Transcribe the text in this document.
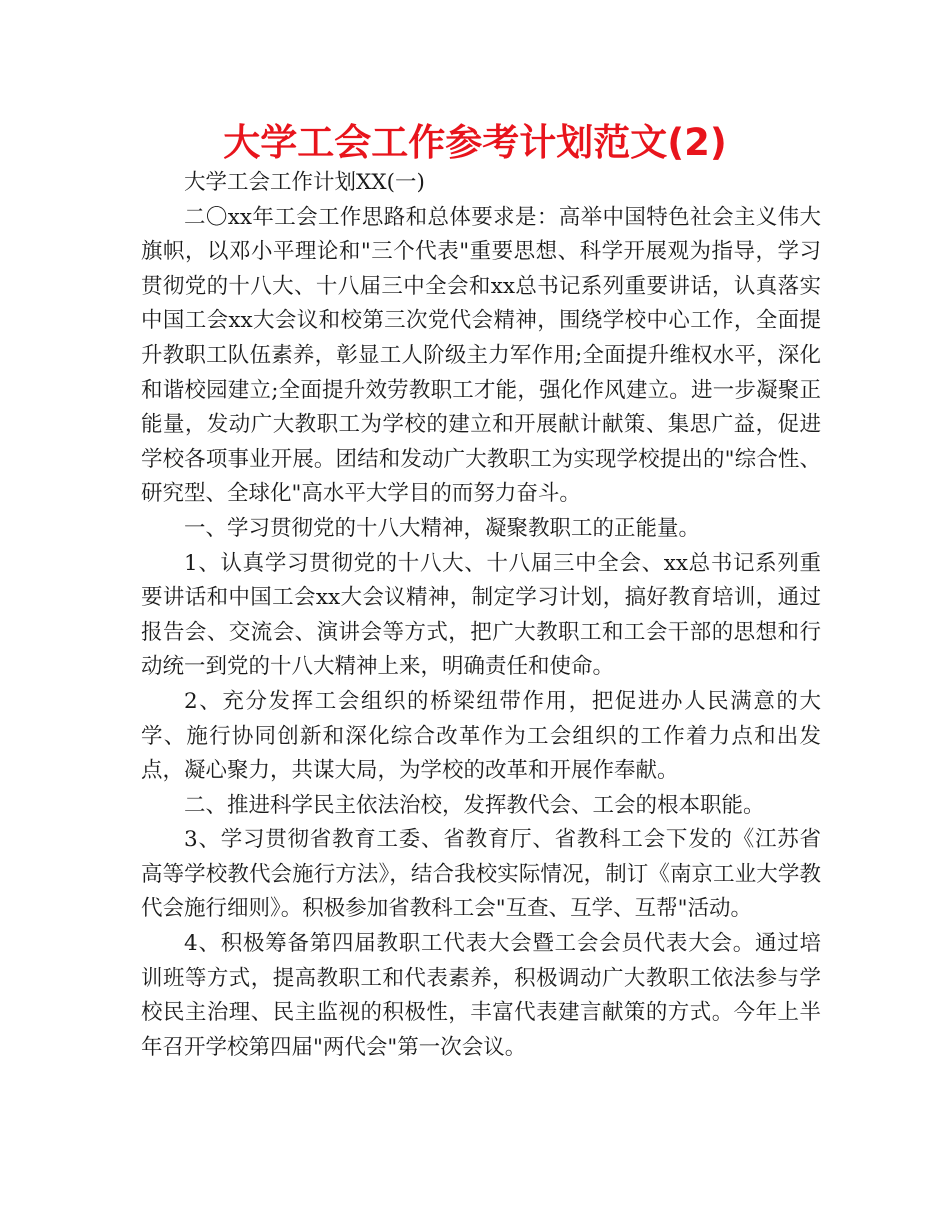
大学工会工作参考计划范文(2)

大学工会工作计划XX(一)

二〇xx年工会工作思路和总体要求是：高举中国特色社会主义伟大旗帜，以邓小平理论和"三个代表"重要思想、科学开展观为指导，学习贯彻党的十八大、十八届三中全会和xx总书记系列重要讲话，认真落实中国工会xx大会议和校第三次党代会精神，围绕学校中心工作，全面提升教职工队伍素养，彰显工人阶级主力军作用;全面提升维权水平，深化和谐校园建立;全面提升效劳教职工才能，强化作风建立。进一步凝聚正能量，发动广大教职工为学校的建立和开展献计献策、集思广益，促进学校各项事业开展。团结和发动广大教职工为实现学校提出的"综合性、研究型、全球化"高水平大学目的而努力奋斗。

一、学习贯彻党的十八大精神，凝聚教职工的正能量。

1、认真学习贯彻党的十八大、十八届三中全会、xx总书记系列重要讲话和中国工会xx大会议精神，制定学习计划，搞好教育培训，通过报告会、交流会、演讲会等方式，把广大教职工和工会干部的思想和行动统一到党的十八大精神上来，明确责任和使命。

2、充分发挥工会组织的桥梁纽带作用，把促进办人民满意的大学、施行协同创新和深化综合改革作为工会组织的工作着力点和出发点，凝心聚力，共谋大局，为学校的改革和开展作奉献。

二、推进科学民主依法治校，发挥教代会、工会的根本职能。

3、学习贯彻省教育工委、省教育厅、省教科工会下发的《江苏省高等学校教代会施行方法》，结合我校实际情况，制订《南京工业大学教代会施行细则》。积极参加省教科工会"互查、互学、互帮"活动。

4、积极筹备第四届教职工代表大会暨工会会员代表大会。通过培训班等方式，提高教职工和代表素养，积极调动广大教职工依法参与学校民主治理、民主监视的积极性，丰富代表建言献策的方式。今年上半年召开学校第四届"两代会"第一次会议。
